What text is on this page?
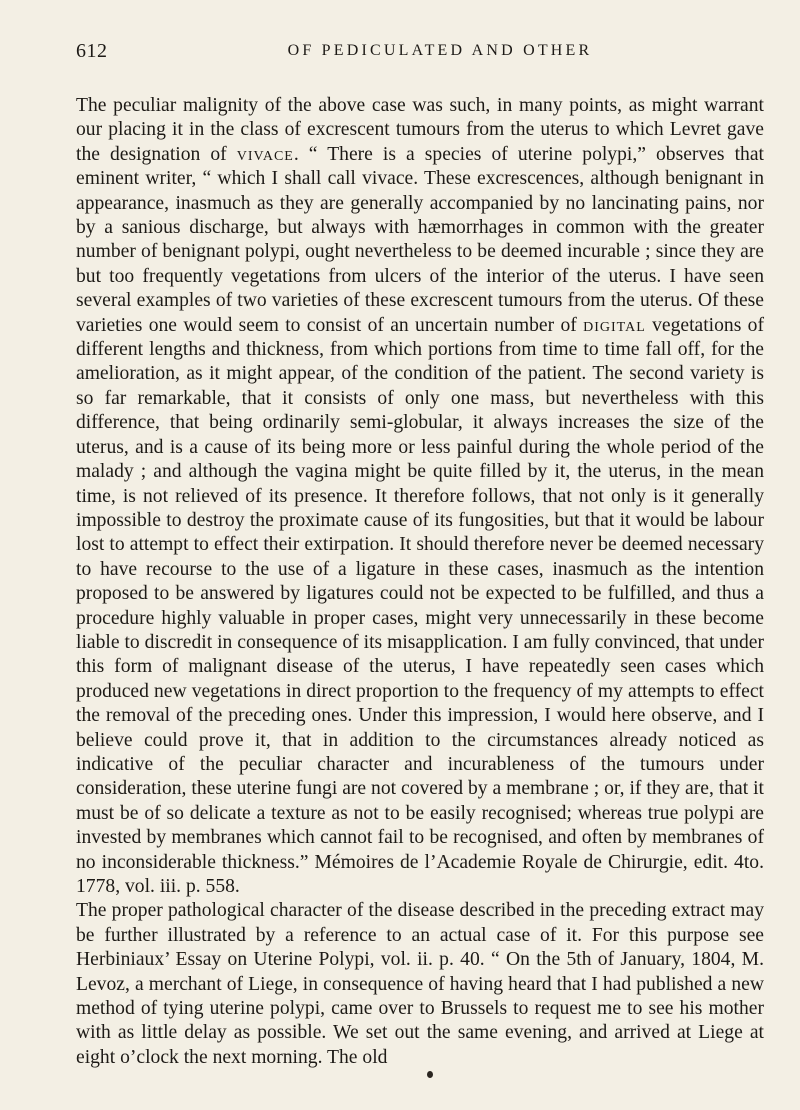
612	OF PEDICULATED AND OTHER

The peculiar malignity of the above case was such, in many points, as might warrant our placing it in the class of excrescent tumours from the uterus to which Levret gave the designation of vivace. “ There is a species of uterine polypi,” observes that eminent writer, “ which I shall call vivace. These excrescences, although benignant in appearance, inasmuch as they are generally accompanied by no lancinating pains, nor by a sanious discharge, but always with hæmorrhages in common with the greater number of benignant polypi, ought nevertheless to be deemed incurable ; since they are but too frequently vegetations from ulcers of the interior of the uterus. I have seen several examples of two varieties of these excrescent tumours from the uterus. Of these varieties one would seem to consist of an uncertain number of digital vegetations of different lengths and thickness, from which portions from time to time fall off, for the amelioration, as it might appear, of the condition of the patient. The second variety is so far remarkable, that it consists of only one mass, but nevertheless with this difference, that being ordinarily semi-globular, it always increases the size of the uterus, and is a cause of its being more or less painful during the whole period of the malady ; and although the vagina might be quite filled by it, the uterus, in the mean time, is not relieved of its presence. It therefore follows, that not only is it generally impossible to destroy the proximate cause of its fungosities, but that it would be labour lost to attempt to effect their extirpation. It should therefore never be deemed necessary to have recourse to the use of a ligature in these cases, inasmuch as the intention proposed to be answered by ligatures could not be expected to be fulfilled, and thus a procedure highly valuable in proper cases, might very unnecessarily in these become liable to discredit in consequence of its misapplication. I am fully convinced, that under this form of malignant disease of the uterus, I have repeatedly seen cases which produced new vegetations in direct proportion to the frequency of my attempts to effect the removal of the preceding ones. Under this impression, I would here observe, and I believe could prove it, that in addition to the circumstances already noticed as indicative of the peculiar character and incurableness of the tumours under consideration, these uterine fungi are not covered by a membrane ; or, if they are, that it must be of so delicate a texture as not to be easily recognised; whereas true polypi are invested by membranes which cannot fail to be recognised, and often by membranes of no inconsiderable thickness.” Mémoires de l’Academie Royale de Chirurgie, edit. 4to. 1778, vol. iii. p. 558.

The proper pathological character of the disease described in the preceding extract may be further illustrated by a reference to an actual case of it. For this purpose see Herbiniaux’ Essay on Uterine Polypi, vol. ii. p. 40. “ On the 5th of January, 1804, M. Levoz, a merchant of Liege, in consequence of having heard that I had published a new method of tying uterine polypi, came over to Brussels to request me to see his mother with as little delay as possible. We set out the same evening, and arrived at Liege at eight o’clock the next morning. The old
